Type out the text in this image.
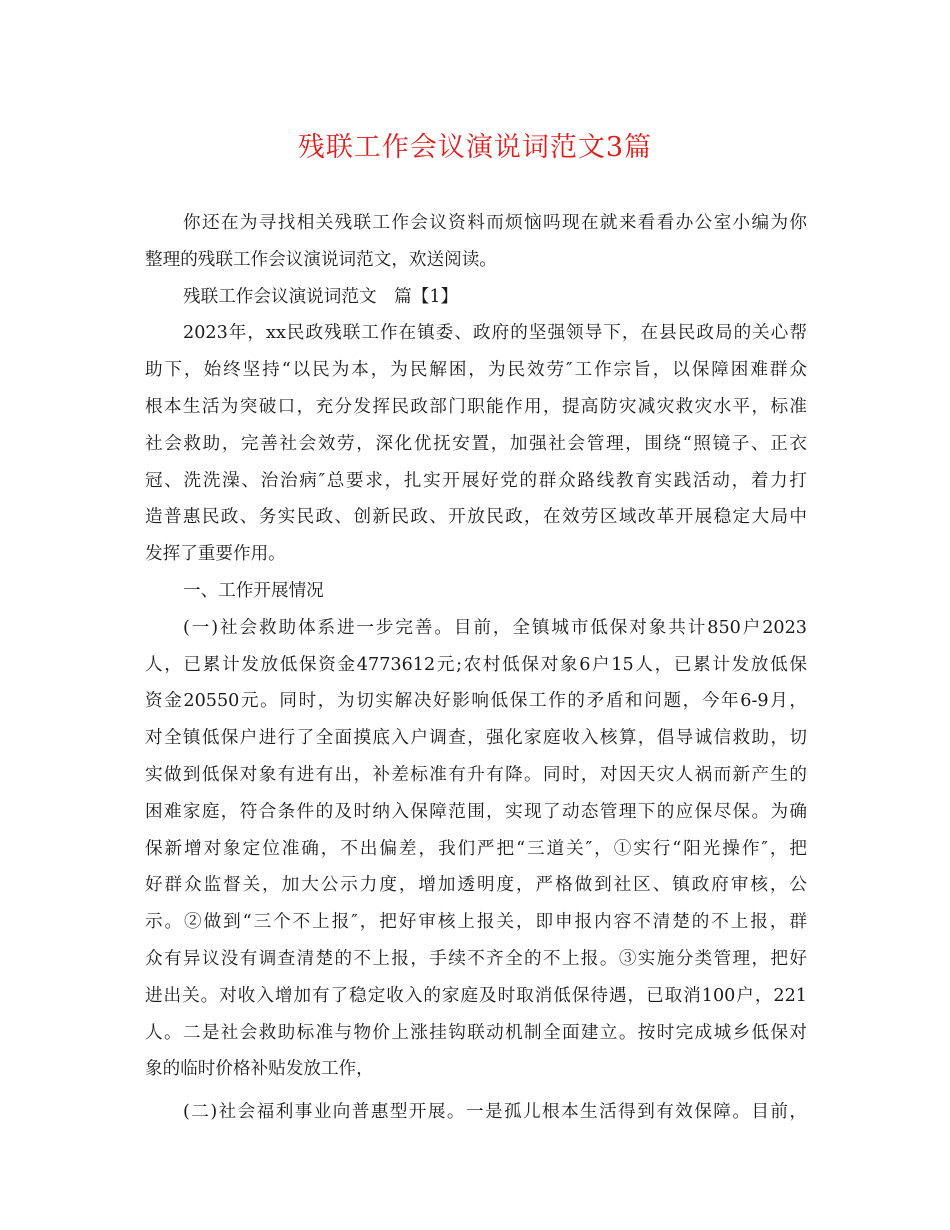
残联工作会议演说词范文3篇
你还在为寻找相关残联工作会议资料而烦恼吗现在就来看看办公室小编为你
整理的残联工作会议演说词范文，欢送阅读。
残联工作会议演说词范文　篇【1】
2023年，xx民政残联工作在镇委、政府的坚强领导下，在县民政局的关心帮
助下，始终坚持“以民为本，为民解困，为民效劳″工作宗旨，以保障困难群众
根本生活为突破口，充分发挥民政部门职能作用，提高防灾减灾救灾水平，标准
社会救助，完善社会效劳，深化优抚安置，加强社会管理，围绕“照镜子、正衣
冠、洗洗澡、治治病″总要求，扎实开展好党的群众路线教育实践活动，着力打
造普惠民政、务实民政、创新民政、开放民政，在效劳区域改革开展稳定大局中
发挥了重要作用。
一、工作开展情况
(一)社会救助体系进一步完善。目前，全镇城市低保对象共计850户2023
人，已累计发放低保资金4773612元;农村低保对象6户15人，已累计发放低保
资金20550元。同时，为切实解决好影响低保工作的矛盾和问题，今年6-9月，
对全镇低保户进行了全面摸底入户调查，强化家庭收入核算，倡导诚信救助，切
实做到低保对象有进有出，补差标准有升有降。同时，对因天灾人祸而新产生的
困难家庭，符合条件的及时纳入保障范围，实现了动态管理下的应保尽保。为确
保新增对象定位准确，不出偏差，我们严把“三道关″，①实行“阳光操作″，把
好群众监督关，加大公示力度，增加透明度，严格做到社区、镇政府审核，公
示。②做到“三个不上报″，把好审核上报关，即申报内容不清楚的不上报，群
众有异议没有调查清楚的不上报，手续不齐全的不上报。③实施分类管理，把好
进出关。对收入增加有了稳定收入的家庭及时取消低保待遇，已取消100户，221
人。二是社会救助标准与物价上涨挂钩联动机制全面建立。按时完成城乡低保对
象的临时价格补贴发放工作，
(二)社会福利事业向普惠型开展。一是孤儿根本生活得到有效保障。目前，
